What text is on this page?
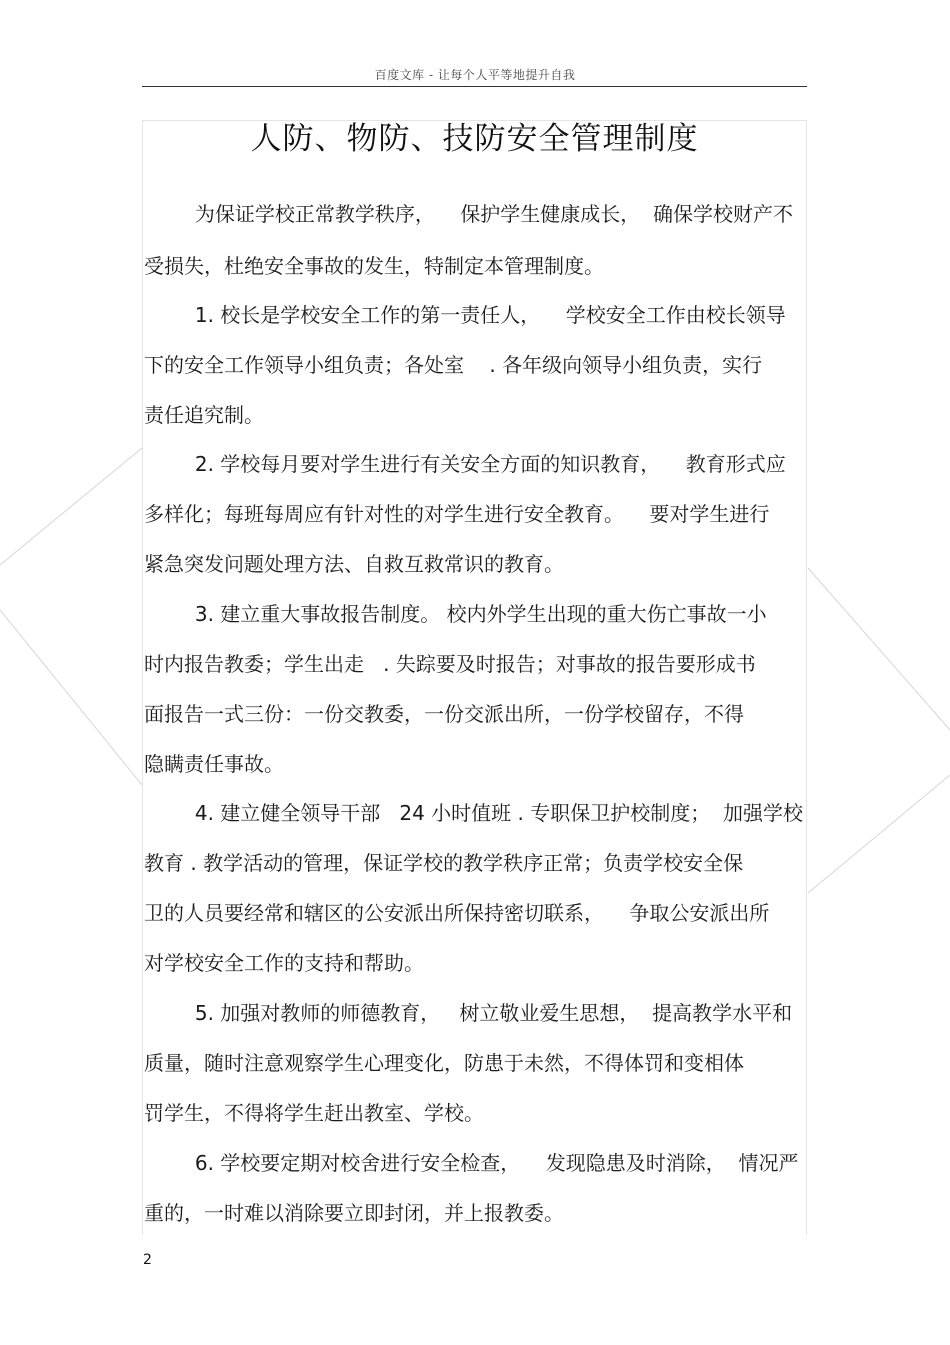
百度文库 - 让每个人平等地提升自我
人防、物防、技防安全管理制度
为保证学校正常教学秩序，    保护学生健康成长，  确保学校财产不
受损失，杜绝安全事故的发生，特制定本管理制度。
1. 校长是学校安全工作的第一责任人，    学校安全工作由校长领导
下的安全工作领导小组负责；各处室    . 各年级向领导小组负责，实行
责任追究制。
2. 学校每月要对学生进行有关安全方面的知识教育，    教育形式应
多样化；每班每周应有针对性的对学生进行安全教育。    要对学生进行
紧急突发问题处理方法、自救互救常识的教育。
3. 建立重大事故报告制度。 校内外学生出现的重大伤亡事故一小
时内报告教委；学生出走   . 失踪要及时报告；对事故的报告要形成书
面报告一式三份：一份交教委，一份交派出所，一份学校留存，不得
隐瞒责任事故。
4. 建立健全领导干部   24 小时值班 . 专职保卫护校制度；  加强学校
教育 . 教学活动的管理，保证学校的教学秩序正常；负责学校安全保
卫的人员要经常和辖区的公安派出所保持密切联系，    争取公安派出所
对学校安全工作的支持和帮助。
5. 加强对教师的师德教育，   树立敬业爱生思想，  提高教学水平和
质量，随时注意观察学生心理变化，防患于未然，不得体罚和变相体
罚学生，不得将学生赶出教室、学校。
6. 学校要定期对校舍进行安全检查，    发现隐患及时消除，  情况严
重的，一时难以消除要立即封闭，并上报教委。
2
